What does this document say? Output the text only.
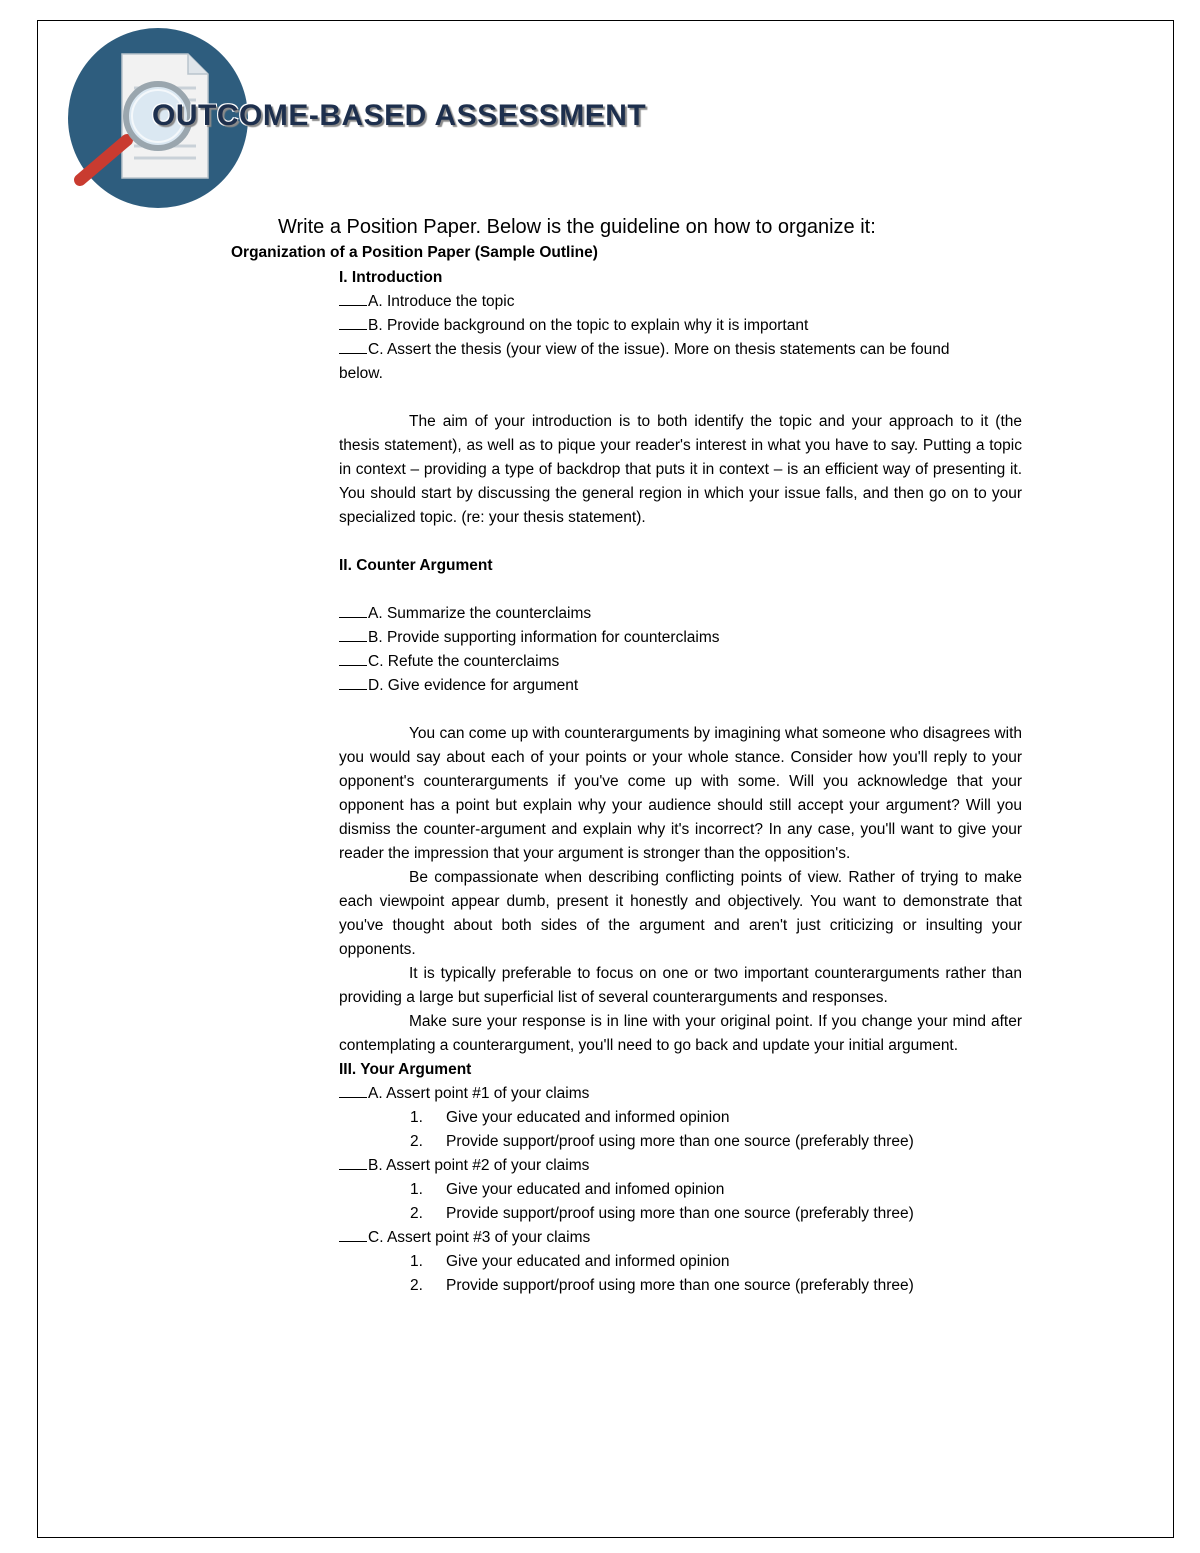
OUTCOME-BASED ASSESSMENT
Write a Position Paper. Below is the guideline on how to organize it:
Organization of a Position Paper (Sample Outline)
I. Introduction
A. Introduce the topic
B. Provide background on the topic to explain why it is important
C. Assert the thesis (your view of the issue). More on thesis statements can be found
below.

The aim of your introduction is to both identify the topic and your approach to it (the thesis statement), as well as to pique your reader's interest in what you have to say. Putting a topic in context – providing a type of backdrop that puts it in context – is an efficient way of presenting it. You should start by discussing the general region in which your issue falls, and then go on to your specialized topic. (re: your thesis statement).

II. Counter Argument
A. Summarize the counterclaims
B. Provide supporting information for counterclaims
C. Refute the counterclaims
D. Give evidence for argument

You can come up with counterarguments by imagining what someone who disagrees with you would say about each of your points or your whole stance. Consider how you'll reply to your opponent's counterarguments if you've come up with some. Will you acknowledge that your opponent has a point but explain why your audience should still accept your argument? Will you dismiss the counter-argument and explain why it's incorrect? In any case, you'll want to give your reader the impression that your argument is stronger than the opposition's.

Be compassionate when describing conflicting points of view. Rather of trying to make each viewpoint appear dumb, present it honestly and objectively. You want to demonstrate that you've thought about both sides of the argument and aren't just criticizing or insulting your opponents.

It is typically preferable to focus on one or two important counterarguments rather than providing a large but superficial list of several counterarguments and responses.

Make sure your response is in line with your original point. If you change your mind after contemplating a counterargument, you'll need to go back and update your initial argument.

III. Your Argument
A. Assert point #1 of your claims
1. Give your educated and informed opinion
2. Provide support/proof using more than one source (preferably three)
B. Assert point #2 of your claims
1. Give your educated and infomed opinion
2. Provide support/proof using more than one source (preferably three)
C. Assert point #3 of your claims
1. Give your educated and informed opinion
2. Provide support/proof using more than one source (preferably three)
